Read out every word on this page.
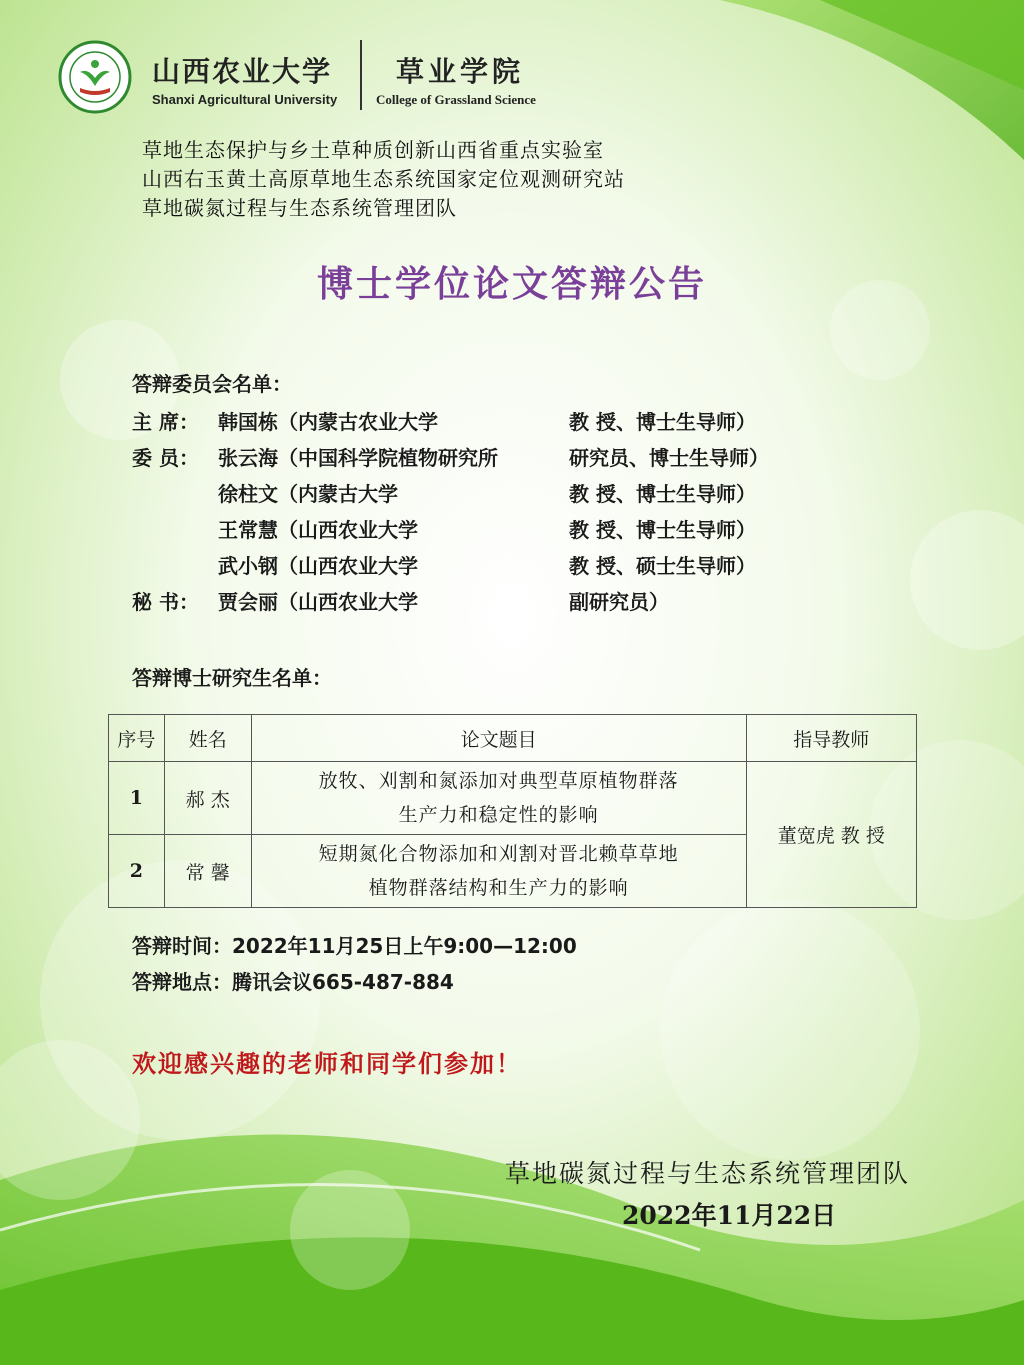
山西农业大学
Shanxi Agricultural University
草业学院
College of Grassland Science
草地生态保护与乡土草种质创新山西省重点实验室
山西右玉黄土高原草地生态系统国家定位观测研究站
草地碳氮过程与生态系统管理团队
博士学位论文答辩公告
答辩委员会名单：
主 席： 韩国栋（内蒙古农业大学	教 授、博士生导师）
委 员： 张云海（中国科学院植物研究所	研究员、博士生导师）
徐柱文（内蒙古大学	教 授、博士生导师）
王常慧（山西农业大学	教 授、博士生导师）
武小钢（山西农业大学	教 授、硕士生导师）
秘 书： 贾会丽（山西农业大学	副研究员）
答辩博士研究生名单：
序号	姓名	论文题目	指导教师
1	郝 杰	放牧、刈割和氮添加对典型草原植物群落
生产力和稳定性的影响	董宽虎 教 授
2	常 馨	短期氮化合物添加和刈割对晋北赖草草地
植物群落结构和生产力的影响	
答辩时间：2022年11月25日上午9:00—12:00
答辩地点：腾讯会议665-487-884
欢迎感兴趣的老师和同学们参加！
草地碳氮过程与生态系统管理团队
2022年11月22日
